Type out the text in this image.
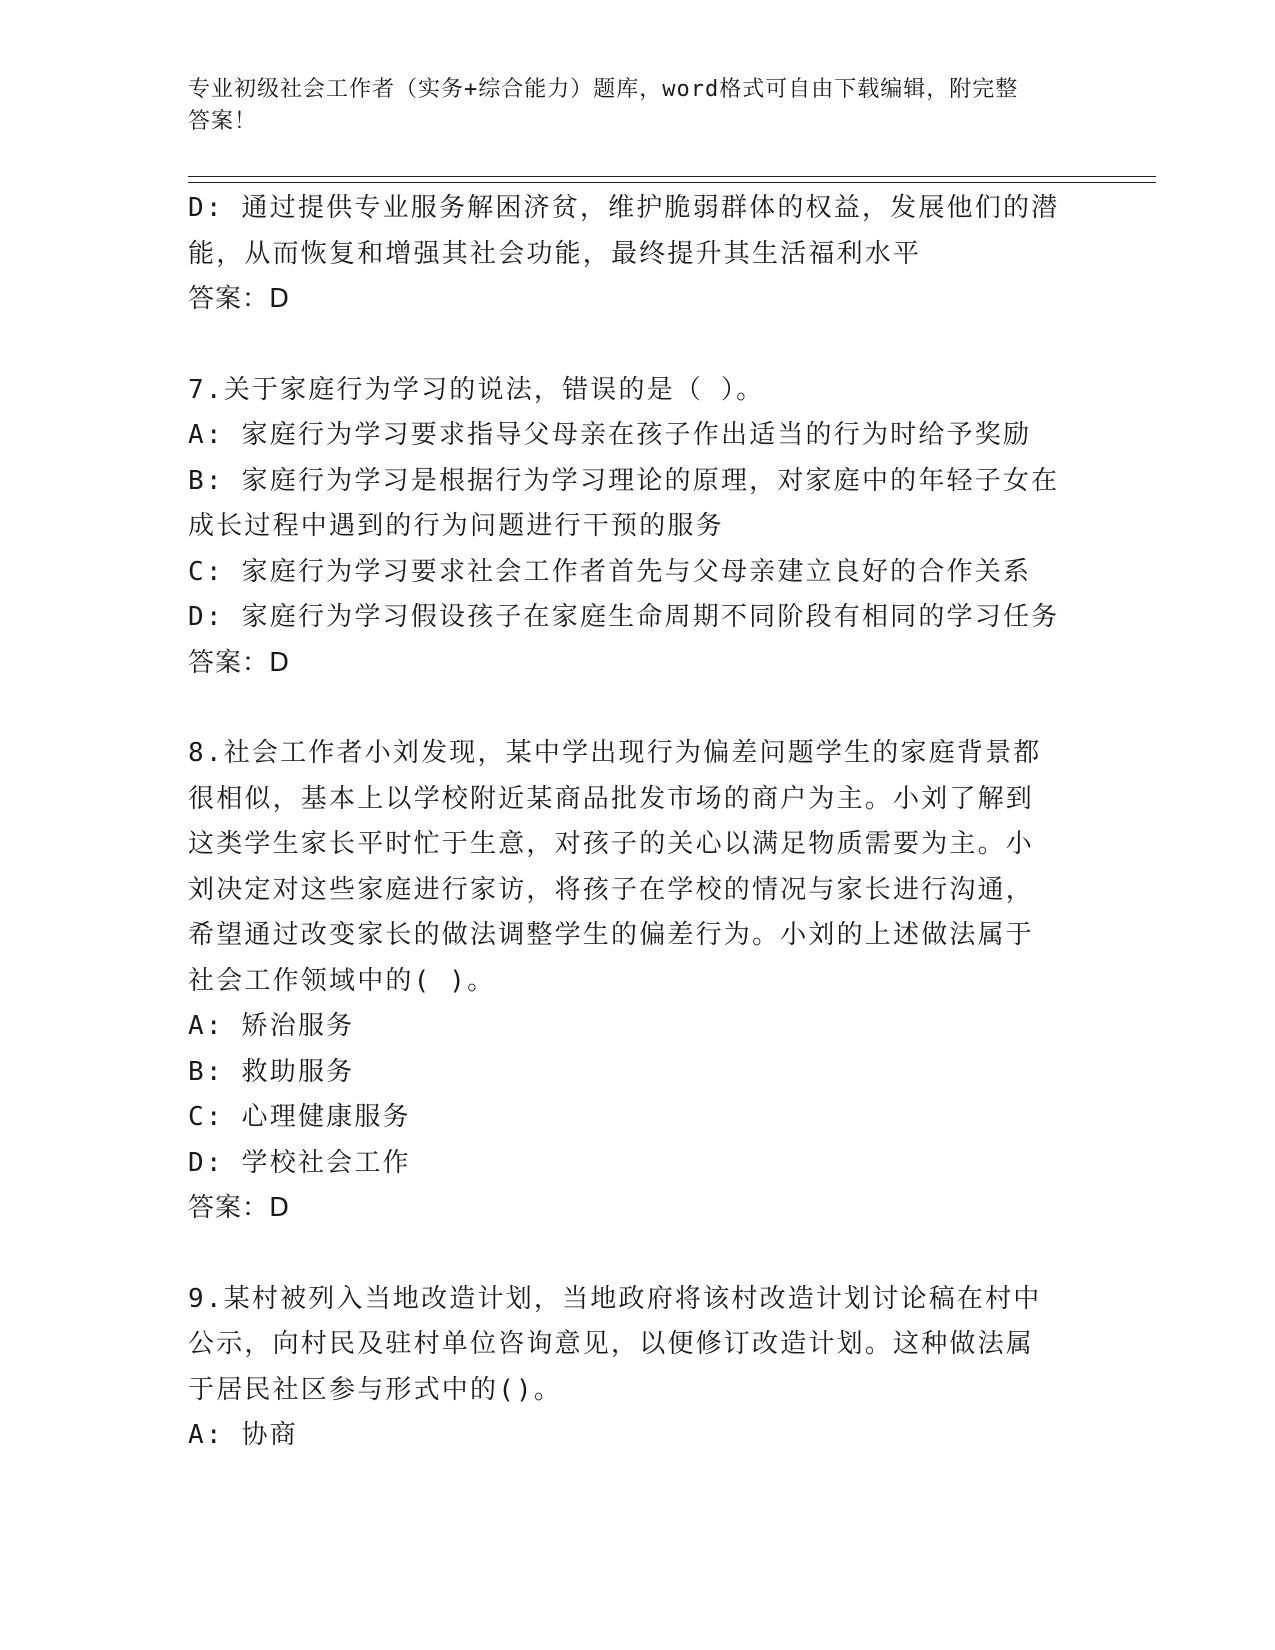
专业初级社会工作者（实务+综合能力）题库，word格式可自由下载编辑，附完整
答案！
D: 通过提供专业服务解困济贫，维护脆弱群体的权益，发展他们的潜
能，从而恢复和增强其社会功能，最终提升其生活福利水平
答案：D
7.关于家庭行为学习的说法，错误的是（ ）。
A: 家庭行为学习要求指导父母亲在孩子作出适当的行为时给予奖励
B: 家庭行为学习是根据行为学习理论的原理，对家庭中的年轻子女在
成长过程中遇到的行为问题进行干预的服务
C: 家庭行为学习要求社会工作者首先与父母亲建立良好的合作关系
D: 家庭行为学习假设孩子在家庭生命周期不同阶段有相同的学习任务
答案：D
8.社会工作者小刘发现，某中学出现行为偏差问题学生的家庭背景都
很相似，基本上以学校附近某商品批发市场的商户为主。小刘了解到
这类学生家长平时忙于生意，对孩子的关心以满足物质需要为主。小
刘决定对这些家庭进行家访，将孩子在学校的情况与家长进行沟通，
希望通过改变家长的做法调整学生的偏差行为。小刘的上述做法属于
社会工作领域中的( )。
A: 矫治服务
B: 救助服务
C: 心理健康服务
D: 学校社会工作
答案：D
9.某村被列入当地改造计划，当地政府将该村改造计划讨论稿在村中
公示，向村民及驻村单位咨询意见，以便修订改造计划。这种做法属
于居民社区参与形式中的()。
A: 协商
